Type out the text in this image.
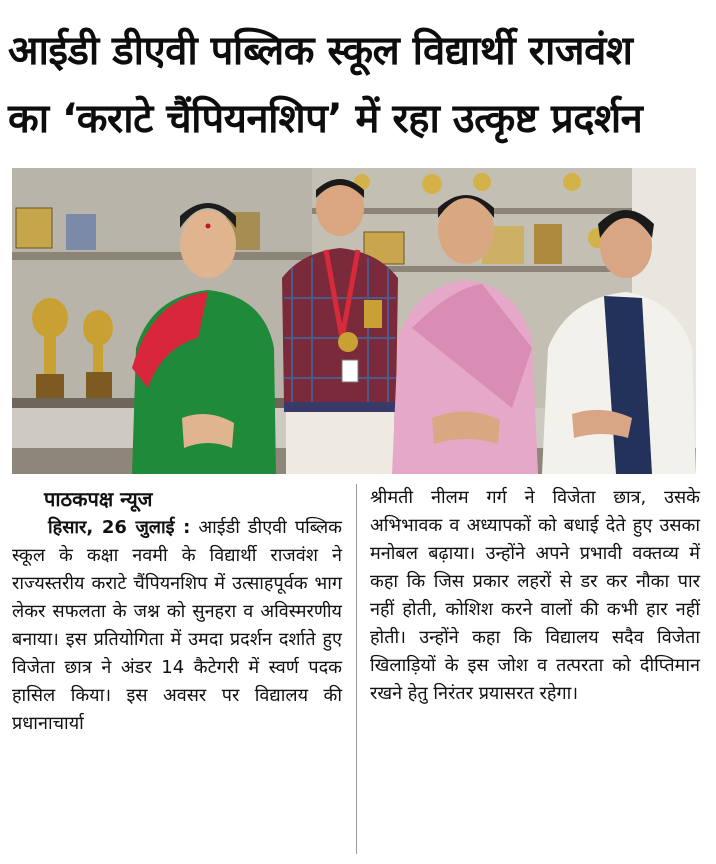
आईडी डीएवी पब्लिक स्कूल विद्यार्थी राजवंश
का ‘कराटे चैंपियनशिप’ में रहा उत्कृष्ट प्रदर्शन
पाठकपक्ष न्यूज

हिसार, 26 जुलाई : आईडी डीएवी पब्लिक स्कूल के कक्षा नवमी के विद्यार्थी राजवंश ने राज्यस्तरीय कराटे चैंपियनशिप में उत्साहपूर्वक भाग लेकर सफलता के जश्न को सुनहरा व अविस्मरणीय बनाया। इस प्रतियोगिता में उमदा प्रदर्शन दर्शाते हुए विजेता छात्र ने अंडर 14 कैटेगरी में स्वर्ण पदक हासिल किया। इस अवसर पर विद्यालय की प्रधानाचार्या

श्रीमती नीलम गर्ग ने विजेता छात्र, उसके अभिभावक व अध्यापकों को बधाई देते हुए उसका मनोबल बढ़ाया। उन्होंने अपने प्रभावी वक्तव्य में कहा कि जिस प्रकार लहरों से डर कर नौका पार नहीं होती, कोशिश करने वालों की कभी हार नहीं होती। उन्होंने कहा कि विद्यालय सदैव विजेता खिलाड़ियों के इस जोश व तत्परता को दीप्तिमान रखने हेतु निरंतर प्रयासरत रहेगा।
